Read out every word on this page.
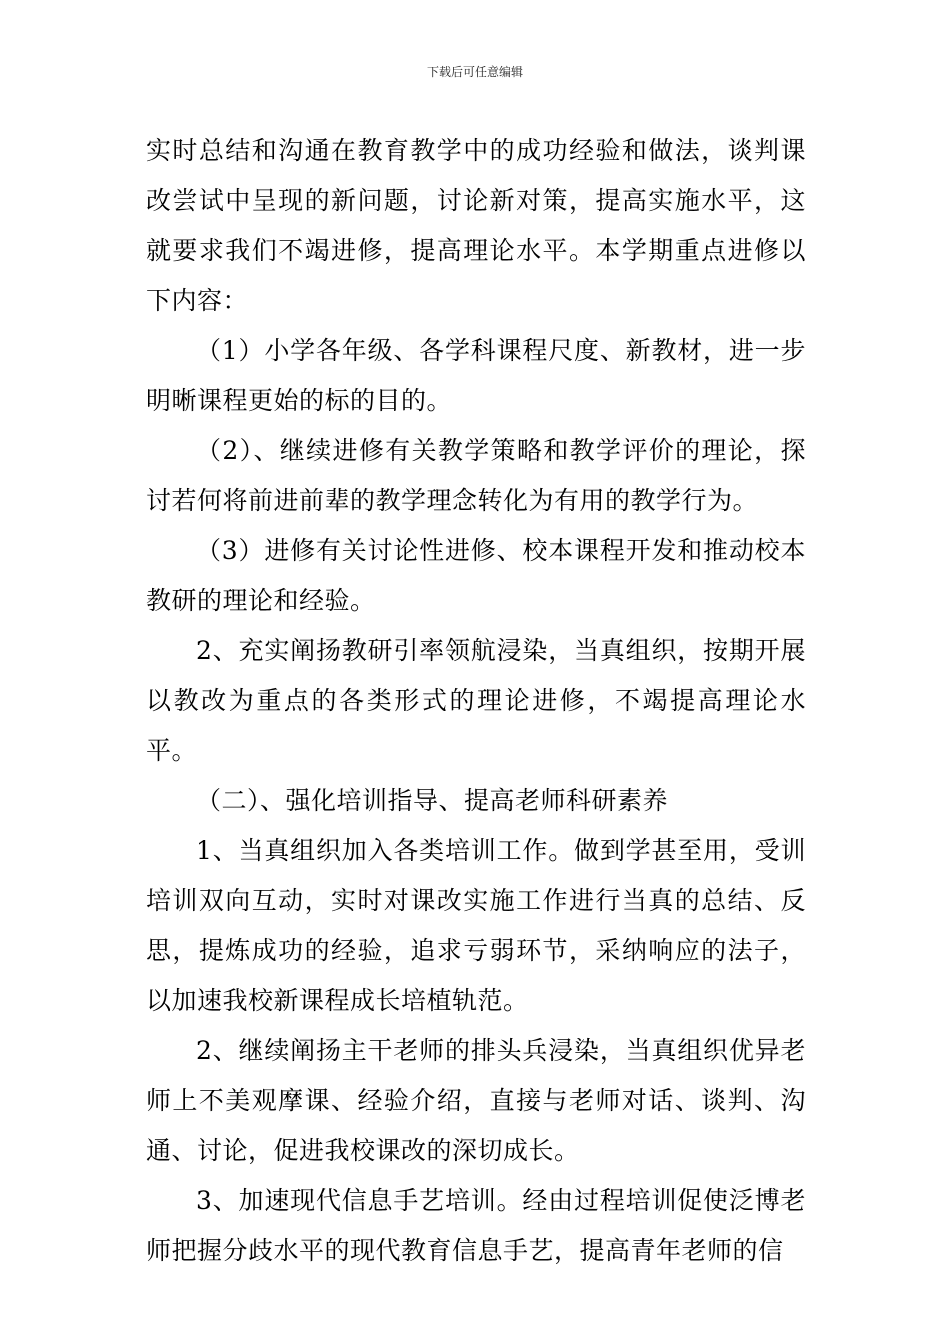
下载后可任意编辑

实时总结和沟通在教育教学中的成功经验和做法，谈判课改尝试中呈现的新问题，讨论新对策，提高实施水平，这就要求我们不竭进修，提高理论水平。本学期重点进修以下内容：

（1）小学各年级、各学科课程尺度、新教材，进一步明晰课程更始的标的目的。

（2）、继续进修有关教学策略和教学评价的理论，探讨若何将前进前辈的教学理念转化为有用的教学行为。

（3）进修有关讨论性进修、校本课程开发和推动校本教研的理论和经验。

2、充实阐扬教研引率领航浸染，当真组织，按期开展以教改为重点的各类形式的理论进修，不竭提高理论水平。

（二）、强化培训指导、提高老师科研素养

1、当真组织加入各类培训工作。做到学甚至用，受训培训双向互动，实时对课改实施工作进行当真的总结、反思，提炼成功的经验，追求亏弱环节，采纳响应的法子，以加速我校新课程成长培植轨范。

2、继续阐扬主干老师的排头兵浸染，当真组织优异老师上不美观摩课、经验介绍，直接与老师对话、谈判、沟通、讨论，促进我校课改的深切成长。

3、加速现代信息手艺培训。经由过程培训促使泛博老师把握分歧水平的现代教育信息手艺，提高青年老师的信
